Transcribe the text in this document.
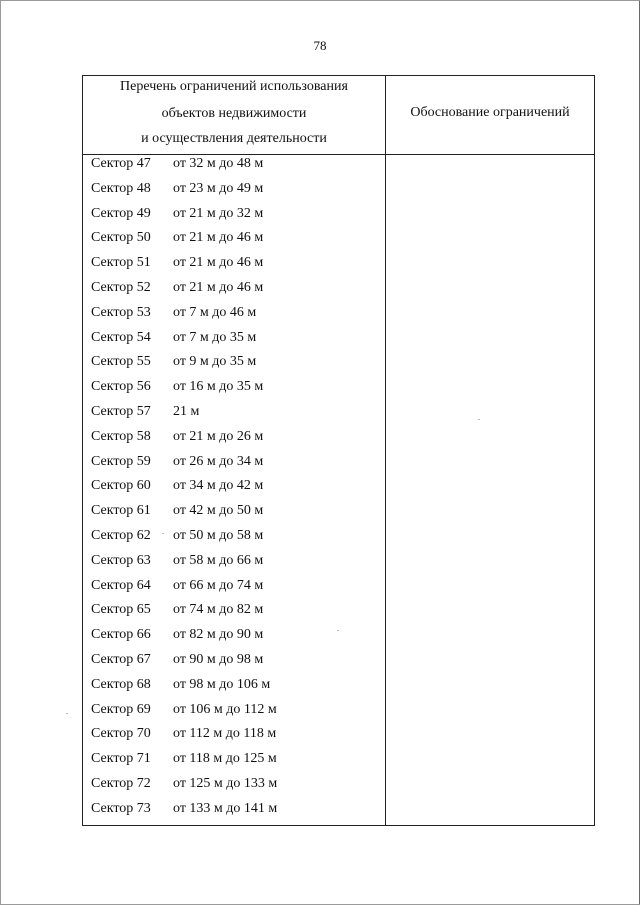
78
Перечень ограничений использования
объектов недвижимости
и осуществления деятельности
Обоснование ограничений
Сектор 47 от 32 м до 48 м
Сектор 48 от 23 м до 49 м
Сектор 49 от 21 м до 32 м
Сектор 50 от 21 м до 46 м
Сектор 51 от 21 м до 46 м
Сектор 52 от 21 м до 46 м
Сектор 53 от 7 м до 46 м
Сектор 54 от 7 м до 35 м
Сектор 55 от 9 м до 35 м
Сектор 56 от 16 м до 35 м
Сектор 57 21 м
Сектор 58 от 21 м до 26 м
Сектор 59 от 26 м до 34 м
Сектор 60 от 34 м до 42 м
Сектор 61 от 42 м до 50 м
Сектор 62 от 50 м до 58 м
Сектор 63 от 58 м до 66 м
Сектор 64 от 66 м до 74 м
Сектор 65 от 74 м до 82 м
Сектор 66 от 82 м до 90 м
Сектор 67 от 90 м до 98 м
Сектор 68 от 98 м до 106 м
Сектор 69 от 106 м до 112 м
Сектор 70 от 112 м до 118 м
Сектор 71 от 118 м до 125 м
Сектор 72 от 125 м до 133 м
Сектор 73 от 133 м до 141 м
